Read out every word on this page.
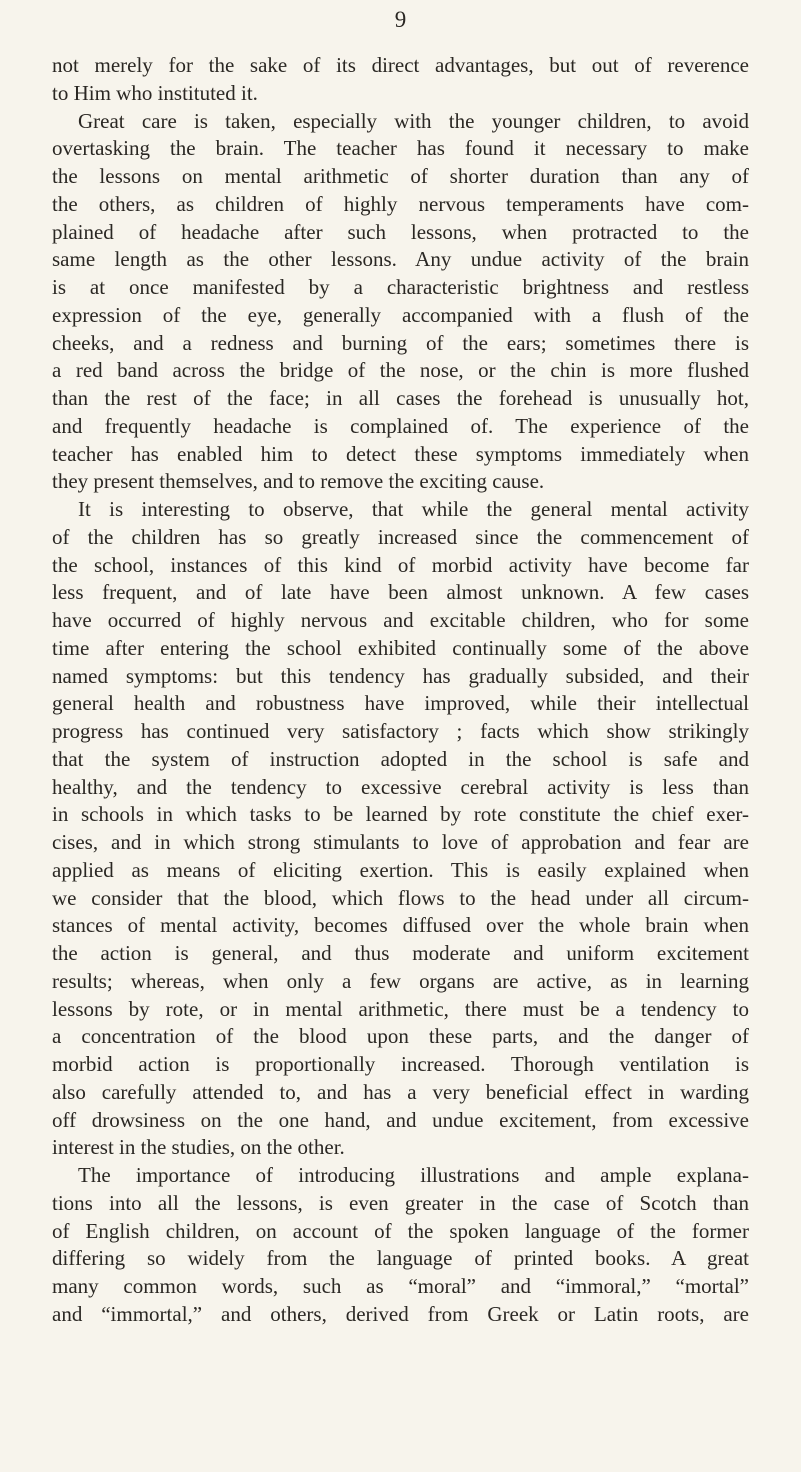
9
not merely for the sake of its direct advantages, but out of reverence
to Him who instituted it.
Great care is taken, especially with the younger children, to avoid
overtasking the brain. The teacher has found it necessary to make
the lessons on mental arithmetic of shorter duration than any of
the others, as children of highly nervous temperaments have com-
plained of headache after such lessons, when protracted to the
same length as the other lessons. Any undue activity of the brain
is at once manifested by a characteristic brightness and restless
expression of the eye, generally accompanied with a flush of the
cheeks, and a redness and burning of the ears; sometimes there is
a red band across the bridge of the nose, or the chin is more flushed
than the rest of the face; in all cases the forehead is unusually hot,
and frequently headache is complained of. The experience of the
teacher has enabled him to detect these symptoms immediately when
they present themselves, and to remove the exciting cause.
It is interesting to observe, that while the general mental activity
of the children has so greatly increased since the commencement of
the school, instances of this kind of morbid activity have become far
less frequent, and of late have been almost unknown. A few cases
have occurred of highly nervous and excitable children, who for some
time after entering the school exhibited continually some of the above
named symptoms: but this tendency has gradually subsided, and their
general health and robustness have improved, while their intellectual
progress has continued very satisfactory ; facts which show strikingly
that the system of instruction adopted in the school is safe and
healthy, and the tendency to excessive cerebral activity is less than
in schools in which tasks to be learned by rote constitute the chief exer-
cises, and in which strong stimulants to love of approbation and fear are
applied as means of eliciting exertion. This is easily explained when
we consider that the blood, which flows to the head under all circum-
stances of mental activity, becomes diffused over the whole brain when
the action is general, and thus moderate and uniform excitement
results; whereas, when only a few organs are active, as in learning
lessons by rote, or in mental arithmetic, there must be a tendency to
a concentration of the blood upon these parts, and the danger of
morbid action is proportionally increased. Thorough ventilation is
also carefully attended to, and has a very beneficial effect in warding
off drowsiness on the one hand, and undue excitement, from excessive
interest in the studies, on the other.
The importance of introducing illustrations and ample explana-
tions into all the lessons, is even greater in the case of Scotch than
of English children, on account of the spoken language of the former
differing so widely from the language of printed books. A great
many common words, such as “moral” and “immoral,” “mortal”
and “immortal,” and others, derived from Greek or Latin roots, are
